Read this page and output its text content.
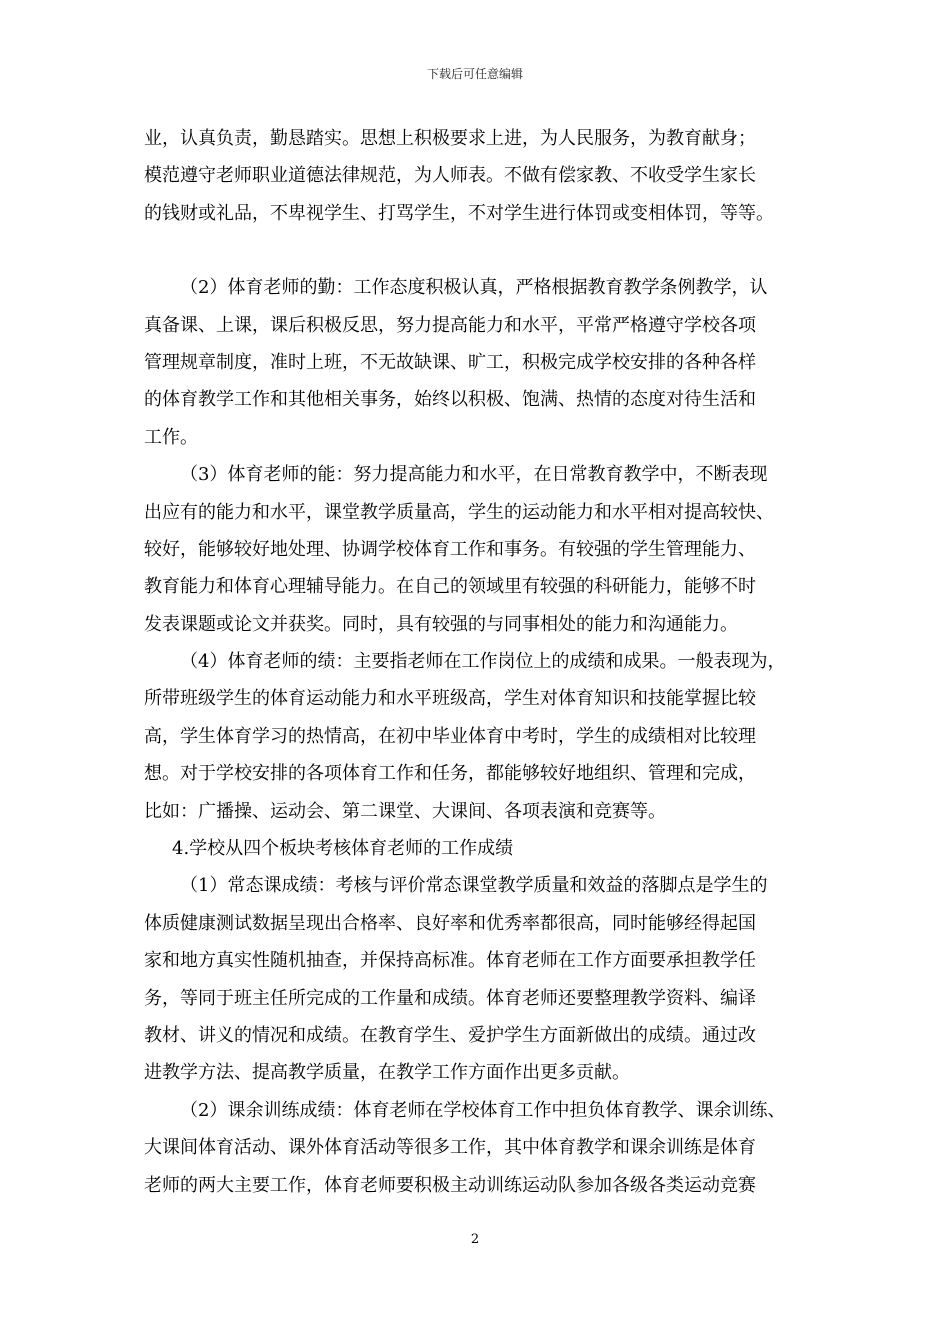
下载后可任意编辑
业，认真负责，勤恳踏实。思想上积极要求上进，为人民服务，为教育献身；
模范遵守老师职业道德法律规范，为人师表。不做有偿家教、不收受学生家长
的钱财或礼品，不卑视学生、打骂学生，不对学生进行体罚或变相体罚，等等。
（2）体育老师的勤：工作态度积极认真，严格根据教育教学条例教学，认
真备课、上课，课后积极反思，努力提高能力和水平，平常严格遵守学校各项
管理规章制度，准时上班，不无故缺课、旷工，积极完成学校安排的各种各样
的体育教学工作和其他相关事务，始终以积极、饱满、热情的态度对待生活和
工作。
（3）体育老师的能：努力提高能力和水平，在日常教育教学中，不断表现
出应有的能力和水平，课堂教学质量高，学生的运动能力和水平相对提高较快、
较好，能够较好地处理、协调学校体育工作和事务。有较强的学生管理能力、
教育能力和体育心理辅导能力。在自己的领域里有较强的科研能力，能够不时
发表课题或论文并获奖。同时，具有较强的与同事相处的能力和沟通能力。
（4）体育老师的绩：主要指老师在工作岗位上的成绩和成果。一般表现为，
所带班级学生的体育运动能力和水平班级高，学生对体育知识和技能掌握比较
高，学生体育学习的热情高，在初中毕业体育中考时，学生的成绩相对比较理
想。对于学校安排的各项体育工作和任务，都能够较好地组织、管理和完成，
比如：广播操、运动会、第二课堂、大课间、各项表演和竞赛等。
4.学校从四个板块考核体育老师的工作成绩
（1）常态课成绩：考核与评价常态课堂教学质量和效益的落脚点是学生的
体质健康测试数据呈现出合格率、良好率和优秀率都很高，同时能够经得起国
家和地方真实性随机抽查，并保持高标准。体育老师在工作方面要承担教学任
务，等同于班主任所完成的工作量和成绩。体育老师还要整理教学资料、编译
教材、讲义的情况和成绩。在教育学生、爱护学生方面新做出的成绩。通过改
进教学方法、提高教学质量，在教学工作方面作出更多贡献。
（2）课余训练成绩：体育老师在学校体育工作中担负体育教学、课余训练、
大课间体育活动、课外体育活动等很多工作，其中体育教学和课余训练是体育
老师的两大主要工作，体育老师要积极主动训练运动队参加各级各类运动竞赛
2
